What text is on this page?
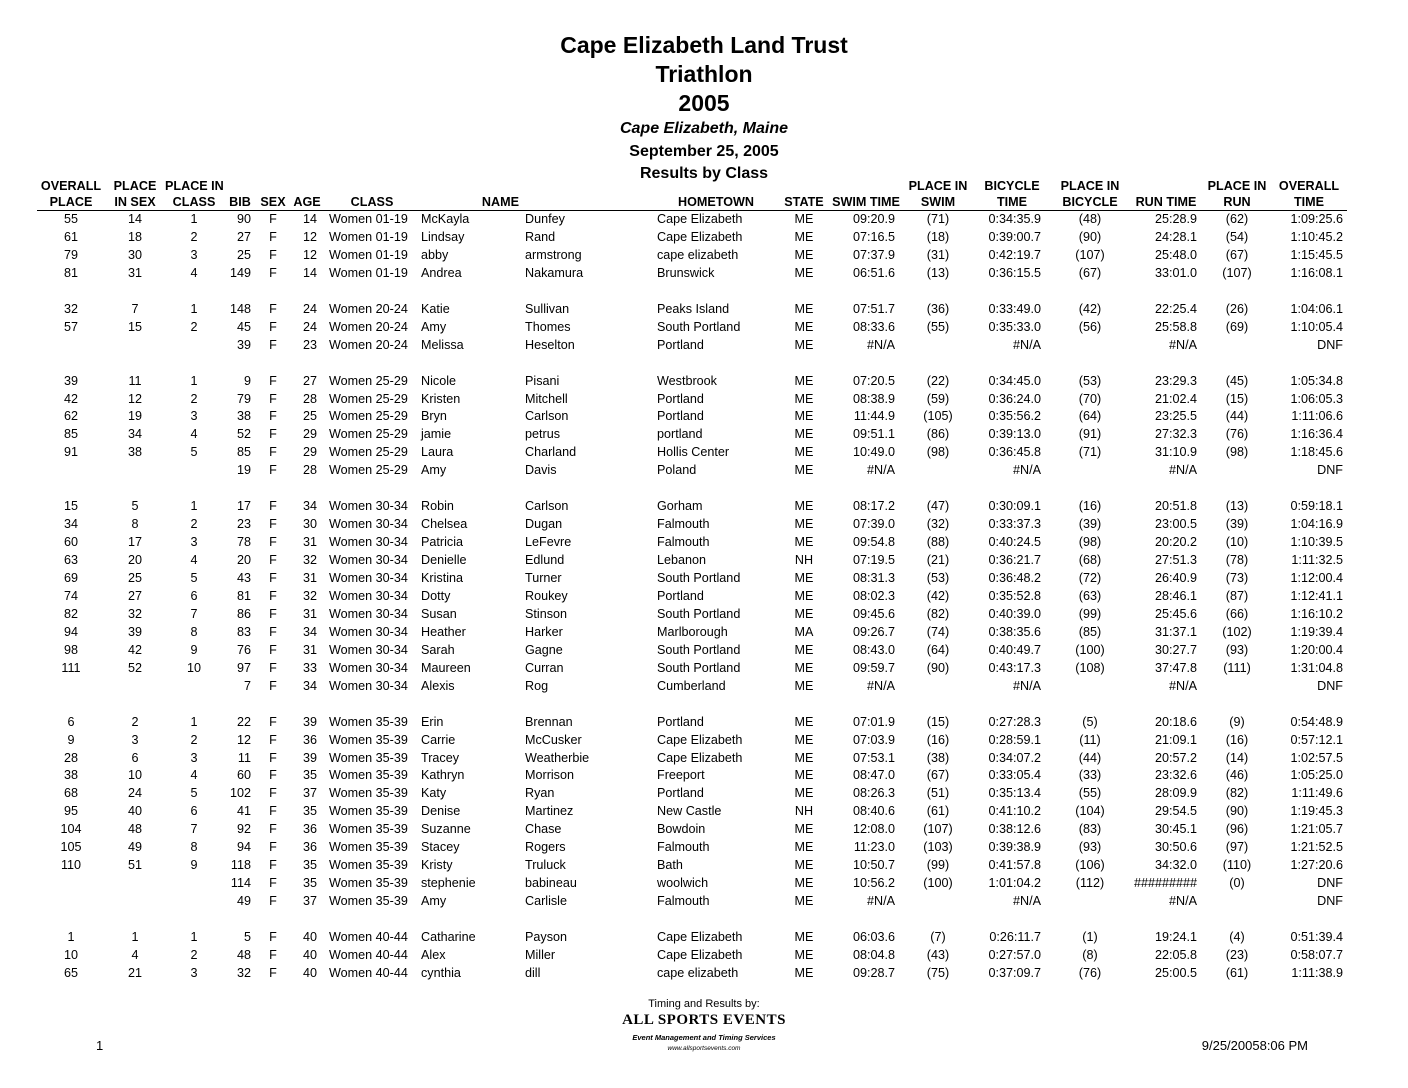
Cape Elizabeth Land Trust
Triathlon
2005
Cape Elizabeth, Maine
September 25, 2005
Results by Class
OVERALL	PLACE	PLACE IN										PLACE IN	BICYCLE	PLACE IN		PLACE IN	OVERALL
PLACE	IN SEX	CLASS	BIB	SEX	AGE	CLASS	NAME		HOMETOWN	STATE	SWIM TIME	SWIM	TIME	BICYCLE	RUN TIME	RUN	TIME
55	14	1	90	F	14	Women 01-19	McKayla	Dunfey	Cape Elizabeth	ME	09:20.9	(71)	0:34:35.9	(48)	25:28.9	(62)	1:09:25.6
61	18	2	27	F	12	Women 01-19	Lindsay	Rand	Cape Elizabeth	ME	07:16.5	(18)	0:39:00.7	(90)	24:28.1	(54)	1:10:45.2
79	30	3	25	F	12	Women 01-19	abby	armstrong	cape elizabeth	ME	07:37.9	(31)	0:42:19.7	(107)	25:48.0	(67)	1:15:45.5
81	31	4	149	F	14	Women 01-19	Andrea	Nakamura	Brunswick	ME	06:51.6	(13)	0:36:15.5	(67)	33:01.0	(107)	1:16:08.1

32	7	1	148	F	24	Women 20-24	Katie	Sullivan	Peaks Island	ME	07:51.7	(36)	0:33:49.0	(42)	22:25.4	(26)	1:04:06.1
57	15	2	45	F	24	Women 20-24	Amy	Thomes	South Portland	ME	08:33.6	(55)	0:35:33.0	(56)	25:58.8	(69)	1:10:05.4
			39	F	23	Women 20-24	Melissa	Heselton	Portland	ME	#N/A		#N/A		#N/A		DNF

39	11	1	9	F	27	Women 25-29	Nicole	Pisani	Westbrook	ME	07:20.5	(22)	0:34:45.0	(53)	23:29.3	(45)	1:05:34.8
42	12	2	79	F	28	Women 25-29	Kristen	Mitchell	Portland	ME	08:38.9	(59)	0:36:24.0	(70)	21:02.4	(15)	1:06:05.3
62	19	3	38	F	25	Women 25-29	Bryn	Carlson	Portland	ME	11:44.9	(105)	0:35:56.2	(64)	23:25.5	(44)	1:11:06.6
85	34	4	52	F	29	Women 25-29	jamie	petrus	portland	ME	09:51.1	(86)	0:39:13.0	(91)	27:32.3	(76)	1:16:36.4
91	38	5	85	F	29	Women 25-29	Laura	Charland	Hollis Center	ME	10:49.0	(98)	0:36:45.8	(71)	31:10.9	(98)	1:18:45.6
			19	F	28	Women 25-29	Amy	Davis	Poland	ME	#N/A		#N/A		#N/A		DNF

15	5	1	17	F	34	Women 30-34	Robin	Carlson	Gorham	ME	08:17.2	(47)	0:30:09.1	(16)	20:51.8	(13)	0:59:18.1
34	8	2	23	F	30	Women 30-34	Chelsea	Dugan	Falmouth	ME	07:39.0	(32)	0:33:37.3	(39)	23:00.5	(39)	1:04:16.9
60	17	3	78	F	31	Women 30-34	Patricia	LeFevre	Falmouth	ME	09:54.8	(88)	0:40:24.5	(98)	20:20.2	(10)	1:10:39.5
63	20	4	20	F	32	Women 30-34	Denielle	Edlund	Lebanon	NH	07:19.5	(21)	0:36:21.7	(68)	27:51.3	(78)	1:11:32.5
69	25	5	43	F	31	Women 30-34	Kristina	Turner	South Portland	ME	08:31.3	(53)	0:36:48.2	(72)	26:40.9	(73)	1:12:00.4
74	27	6	81	F	32	Women 30-34	Dotty	Roukey	Portland	ME	08:02.3	(42)	0:35:52.8	(63)	28:46.1	(87)	1:12:41.1
82	32	7	86	F	31	Women 30-34	Susan	Stinson	South Portland	ME	09:45.6	(82)	0:40:39.0	(99)	25:45.6	(66)	1:16:10.2
94	39	8	83	F	34	Women 30-34	Heather	Harker	Marlborough	MA	09:26.7	(74)	0:38:35.6	(85)	31:37.1	(102)	1:19:39.4
98	42	9	76	F	31	Women 30-34	Sarah	Gagne	South Portland	ME	08:43.0	(64)	0:40:49.7	(100)	30:27.7	(93)	1:20:00.4
111	52	10	97	F	33	Women 30-34	Maureen	Curran	South Portland	ME	09:59.7	(90)	0:43:17.3	(108)	37:47.8	(111)	1:31:04.8
			7	F	34	Women 30-34	Alexis	Rog	Cumberland	ME	#N/A		#N/A		#N/A		DNF

6	2	1	22	F	39	Women 35-39	Erin	Brennan	Portland	ME	07:01.9	(15)	0:27:28.3	(5)	20:18.6	(9)	0:54:48.9
9	3	2	12	F	36	Women 35-39	Carrie	McCusker	Cape Elizabeth	ME	07:03.9	(16)	0:28:59.1	(11)	21:09.1	(16)	0:57:12.1
28	6	3	11	F	39	Women 35-39	Tracey	Weatherbie	Cape Elizabeth	ME	07:53.1	(38)	0:34:07.2	(44)	20:57.2	(14)	1:02:57.5
38	10	4	60	F	35	Women 35-39	Kathryn	Morrison	Freeport	ME	08:47.0	(67)	0:33:05.4	(33)	23:32.6	(46)	1:05:25.0
68	24	5	102	F	37	Women 35-39	Katy	Ryan	Portland	ME	08:26.3	(51)	0:35:13.4	(55)	28:09.9	(82)	1:11:49.6
95	40	6	41	F	35	Women 35-39	Denise	Martinez	New Castle	NH	08:40.6	(61)	0:41:10.2	(104)	29:54.5	(90)	1:19:45.3
104	48	7	92	F	36	Women 35-39	Suzanne	Chase	Bowdoin	ME	12:08.0	(107)	0:38:12.6	(83)	30:45.1	(96)	1:21:05.7
105	49	8	94	F	36	Women 35-39	Stacey	Rogers	Falmouth	ME	11:23.0	(103)	0:39:38.9	(93)	30:50.6	(97)	1:21:52.5
110	51	9	118	F	35	Women 35-39	Kristy	Truluck	Bath	ME	10:50.7	(99)	0:41:57.8	(106)	34:32.0	(110)	1:27:20.6
			114	F	35	Women 35-39	stephenie	babineau	woolwich	ME	10:56.2	(100)	1:01:04.2	(112)	#########	(0)	DNF
			49	F	37	Women 35-39	Amy	Carlisle	Falmouth	ME	#N/A		#N/A		#N/A		DNF

1	1	1	5	F	40	Women 40-44	Catharine	Payson	Cape Elizabeth	ME	06:03.6	(7)	0:26:11.7	(1)	19:24.1	(4)	0:51:39.4
10	4	2	48	F	40	Women 40-44	Alex	Miller	Cape Elizabeth	ME	08:04.8	(43)	0:27:57.0	(8)	22:05.8	(23)	0:58:07.7
65	21	3	32	F	40	Women 40-44	cynthia	dill	cape elizabeth	ME	09:28.7	(75)	0:37:09.7	(76)	25:00.5	(61)	1:11:38.9
Timing and Results by:
ALL SPORTS EVENTS
Event Management and Timing Services
www.allsportsevents.com
1	9/25/20058:06 PM
